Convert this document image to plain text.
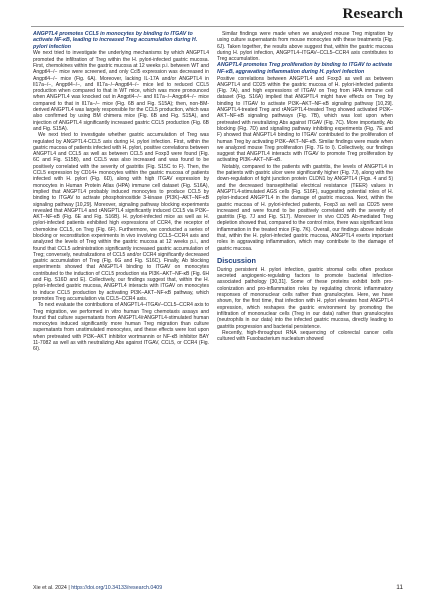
Research
ANGPTL4 promotes CCL5 in monocytes by binding to ITGAV to activate NF-κB, leading to increased Treg accumulation during H. pylori infection

We next tried to investigate the underlying mechanisms by which ANGPTL4 promoted the infiltration of Treg within the H. pylori-infected gastric mucosa. First, chemokines within the gastric mucosa at 12 weeks p.i. between WT and Angptl4−/− mice were screened, and only Ccl5 expression was decreased in Angptl4−/− mice (Fig. 6A). Moreover, lacking IL-17A and/or ANGPTL4 in Il17a−/−, Angptl4−/−, and Il17a−/−Angptl4−/− mice led to reduced CCL5 production when compared to that in WT mice, which was more pronounced when ANGPTL4 was knocked out in Angptl4−/− and Il17a−/−Angptl4−/− mice compared to that in Il17a−/− mice (Fig. 6B and Fig. S15A); then, non-BM-derived ANGPTL4 was largely responsible for the CCL5 production, which was also confirmed by using BM chimera mice (Fig. 6B and Fig. S15A), and injection of ANGPTL4 significantly increased gastric CCL5 production (Fig. 6B and Fig. S15A).

We next tried to investigate whether gastric accumulation of Treg was regulated by ANGPTL4-CCL5 axis during H. pylori infection. First, within the gastric mucosa of patients infected with H. pylori, positive correlations between ANGPTL4 and CCL5 as well as between CCL5 and Foxp3 were found (Fig. 6C and Fig. S15B), and CCL5 was also increased and was found to be positively correlated with the severity of gastritis (Fig. S15C to F). Then, the CCL5 expression by CD14+ monocytes within the gastric mucosa of patients infected with H. pylori (Fig. 6D), along with high ITGAV expression by monocytes in Human Protein Atlas (HPA) immune cell dataset (Fig. S16A), implied that ANGPTL4 probably induced monocytes to produce CCL5 by binding to ITGAV to activate phosphoinositide 3-kinase (PI3K)–AKT–NF-κB signaling pathway [10,29]. Moreover, signaling pathway blocking experiments revealed that ANGPTL4 and rANGPTL4 significantly induced CCL5 via PI3K–AKT–NF-κB (Fig. 6E and Fig. S16B). H. pylori-infected mice as well as H. pylori-infected patients exhibited high expressions of CCR4, the receptor of chemokine CCL5, on Treg (Fig. 6F). Furthermore, we conducted a series of blocking or reconstitution experiments in vivo involving CCL5–CCR4 axis and analyzed the levels of Treg within the gastric mucosa at 12 weeks p.i., and found that CCL5 administration significantly increased gastric accumulation of Treg; conversely, neutralizations of CCL5 and/or CCR4 significantly decreased gastric accumulation of Treg (Fig. 6G and Fig. S16C). Finally, Ab blocking experiments showed that ANGPTL4 binding to ITGAV on monocytes contributed to the induction of CCL5 production via PI3K–AKT–NF-κB (Fig. 6H and Fig. S16D and E). Collectively, our findings suggest that, within the H. pylori-infected gastric mucosa, ANGPTL4 interacts with ITGAV on monocytes to induce CCL5 production by activating PI3K–AKT–NF-κB pathway, which promotes Treg accumulation via CCL5–CCR4 axis.

To next evaluate the contributions of ANGPTL4–ITGAV–CCL5–CCR4 axis to Treg migration, we performed in vitro human Treg chemotaxis assays and found that culture supernatants from ANGPTL4/rANGPTL4-stimulated human monocytes induced significantly more human Treg migration than culture supernatants from unstimulated monocytes, and these effects were lost upon when pretreated with PI3K–AKT inhibitor wortmannin or NF-κB inhibitor BAY 11-7082 as well as with neutralizing Abs against ITGAV, CCL5, or CCR4 (Fig. 6I).

Similar findings were made when we analyzed mouse Treg migration by using culture supernatants from mouse monocytes with these treatments (Fig. 6J). Taken together, the results above suggest that, within the gastric mucosa during H. pylori infection, ANGPTL4–ITGAV–CCL5–CCR4 axis contributes to Treg accumulation.

ANGPTL4 promotes Treg proliferation by binding to ITGAV to activate NF-κB, aggravating inflammation during H. pylori infection

Positive correlations between ANGPTL4 and Foxp3 as well as between ANGPTL4 and CD25 within the gastric mucosa of H. pylori-infected patients (Fig. 7A), and high expressions of ITGAV on Treg from HPA immune cell dataset (Fig. S16A) implied that ANGPTL4 might have effects on Treg by binding to ITGAV to activate PI3K–AKT–NF-κB signaling pathway [10,29]. ANGPTL4-treated Treg and rANGPTL4-treated Treg showed activated PI3K–AKT–NF-κB signaling pathways (Fig. 7B), which was lost upon when pretreated with neutralizing Abs against ITGAV (Fig. 7C). More importantly, Ab blocking (Fig. 7D) and signaling pathway inhibiting experiments (Fig. 7E and F) showed that ANGPTL4 binding to ITGAV contributed to the proliferation of human Treg by activating PI3K–AKT–NF-κB. Similar findings were made when we analyzed mouse Treg proliferation (Fig. 7G to I). Collectively, our findings suggest that ANGPTL4 interacts with ITGAV to promote Treg proliferation by activating PI3K–AKT–NF-κB.

Notably, compared to the patients with gastritis, the levels of ANGPTL4 in the patients with gastric ulcer were significantly higher (Fig. 7J), along with the down-regulation of tight junction protein CLDN1 by ANGPTL4 (Figs. 4 and 5) and the decreased transepithelial electrical resistance (TEER) values in ANGPTL4-stimulated AGS cells (Fig. S16F), suggesting potential roles of H. pylori-induced ANGPTL4 in the damage of gastric mucosa. Next, within the gastric mucosa of H. pylori-infected patients, Foxp3 as well as CD25 were increased and were found to be positively correlated with the severity of gastritis (Fig. 7J and Fig. S17). Moreover in vivo CD25 Ab-mediated Treg depletion showed that, compared to the control mice, there was significant less inflammation in the treated mice (Fig. 7K). Overall, our findings above indicate that, within the H. pylori-infected gastric mucosa, ANGPTL4 exerts important roles in aggravating inflammation, which may contribute to the damage of gastric mucosa.

Discussion

During persistent H. pylori infection, gastric stromal cells often produce secreted angiogenic-regulating factors to promote bacterial infection-associated pathology [30,31]. Some of these proteins exhibit both pro-colonization and pro-inflammation roles by regulating chronic inflammatory responses of mononuclear cells rather than granulocytes. Here, we have shown, for the first time, that infection with H. pylori elevates host ANGPTL4 expression, which reshapes the gastric environment by promoting the infiltration of mononuclear cells (Treg in our data) rather than granulocytes (neutrophils in our data) into the infected gastric mucosa, directly leading to gastritis progression and bacterial persistence.

Recently, high-throughput RNA sequencing of colorectal cancer cells cultured with Fusobacterium nucleatum showed

Xie et al. 2024 | https://doi.org/10.34133/research.0409	11
